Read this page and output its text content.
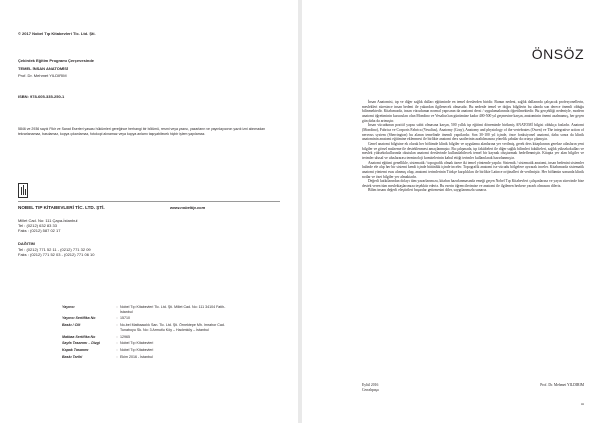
© 2017 Nobel Tıp Kitabevleri Tic. Ltd. Şti.

Çekirdek Eğitim Programı Çerçevesinde

TEMEL İNSAN ANATOMİSİ

Prof. Dr. Mehmet YILDIRIM

ISBN: 978-605-335-250-1

5846 ve 2936 sayılı Fikir ve Sanat Eserleri yasası hükümleri gereğince herhangi bir bölümü, resmi veya yazısı, yazarların ve yayınlayıcının yazılı izni alınmadan tekrarlanamaz, basılamaz, kopya çıkarılamaz, fotokopi alınamaz veya kopya anlamı taşıyabilecek hiçbir işlem yapılamaz.

NOBEL TIP KİTABEVLERİ TİC. LTD. ŞTİ.	www.nobeltip.com

Millet Cad. No: 111 Çapa-İstanbul

Tel : (0212) 632 83 33

Faks : (0212) 587 02 17

DAĞITIM

Tel : (0212) 771 52 11 - (0212) 771 32 09

Faks : (0212) 771 52 03 - (0212) 771 06 10

Yayıncı	:	Nobel Tıp Kitabevleri Tic. Ltd. Şti. Millet Cad. No: 111 34104 Fatih-İstanbul
Yayıncı Sertifika No	:	15710
Baskı / Cilt	:	No-bel Matbaacılık San. Tic. Ltd. Şti. Örnektepe Mh. Imrahor Cad. Tunaboyu Sk. No: 3 Armutlu Köy – Hadımköy – İstanbul
Matbaa Sertifika No	:	12965
Sayfa Tasarımı – Dizgi	:	Nobel Tıp Kitabevleri
Kapak Tasarımı	:	Nobel Tıp Kitabevleri
Baskı Tarihi	:	Ekim 2016 - İstanbul
ÖNSÖZ

İnsan Anatomisi, tıp ve diğer sağlık dalları eğitiminde en temel derslerden biridir. Bunun nedeni, sağlık dallarında çalışacak profesyonellerin, meslekleri süresince insan bedeni ile yakından ilgilenecek olmasıdır. Bu nedenle temel ve doğru bilgilerin bu alanda son derece önemli olduğu bilinmektedir. Kitabımızda, insan vücudunun normal yapısının da anatomi dersi / uygulamalarında öğretilmektedir. Bu gerçekliği nedeniyle, modern anatomi öğretiminin kurucuları olan Mondino ve Vesalius'tan günümüze kadar 400-500 yıl geçmesine karşın, anatominin önemi azalmamış, her geçen gün daha da artmıştır.

İnsan vücudunun pozitif yapısı sabit olmasına karşın, 500 yıllık tıp eğitimi döneminde birikmiş ANATOMİ bilgisi oldukça fazladır. Anatomi (Mondino), Fabrica ve Corporis Fabrica (Vesalius), Anatomy (Gray), Anatomy and physiology of the vertebrates (Owen) ve The integrative action of nervous system (Sherrington) bu alanın temelinde önemli yapıtlardır. Son 30-100 yıl içinde, önce fonksiyonel anatomi, daha sonra da klinik anatominin anatomi eğitimine eklenmesi ile birlikte anatomi ders saatlerinin azaltılmasına yönelik çabalar da ortaya çıkmıştır.

Genel anatomi bilgisine ek olarak her bölümde klinik bilgiler ve uygulama alanlarına yer verilmiş, gerek ders kitaplarının gerekse atlasların yeni bilgiler ve görsel malzeme ile desteklenmesi amaçlanmıştır. Bu çalışmada, tıp fakülteleri ile diğer sağlık bilimleri fakülteleri, sağlık yüksekokulları ve meslek yüksekokullarında okutulan anatomi derslerinde kullanılabilecek temel bir kaynak oluşturmak hedeflenmiştir. Kitapta yer alan bilgiler ve terimler ulusal ve uluslararası terminoloji komitelerinin kabul ettiği terimler kullanılarak hazırlanmıştır.

Anatomi eğitimi genellikle, sistematik / topografik olmak üzere iki temel yöntemle yapılır. Sistemik / sistematik anatomi, insan bedenini sistemler halinde ele alıp her bir sistemi kendi içinde bütünlük içinde inceler. Topografik anatomi ise vücudu bölgelere ayırarak inceler. Kitabımızda sistematik anatomi yöntemi esas alınmış olup, anatomi terimlerinin Türkçe karşılıkları ile birlikte Latince orijinalleri de verilmiştir. Her bölümün sonunda klinik notlar ve özet bilgiler yer almaktadır.

Değerli katkılarından dolayı tüm yazarlarımıza, kitabın hazırlanmasında emeği geçen Nobel Tıp Kitabevleri çalışanlarına ve yayın sürecinde bize destek veren tüm meslektaşlarımıza teşekkür ederiz. Bu eserin öğrencilerimize ve anatomi ile ilgilenen herkese yararlı olmasını dileriz.

Bilim insanı değerli eleştirileri başarılar getirmesini diler, saygılarımızla sunarız.

Eylül 2016
Cerrahpaşa
Prof. Dr. Mehmet YILDIRIM
iii
